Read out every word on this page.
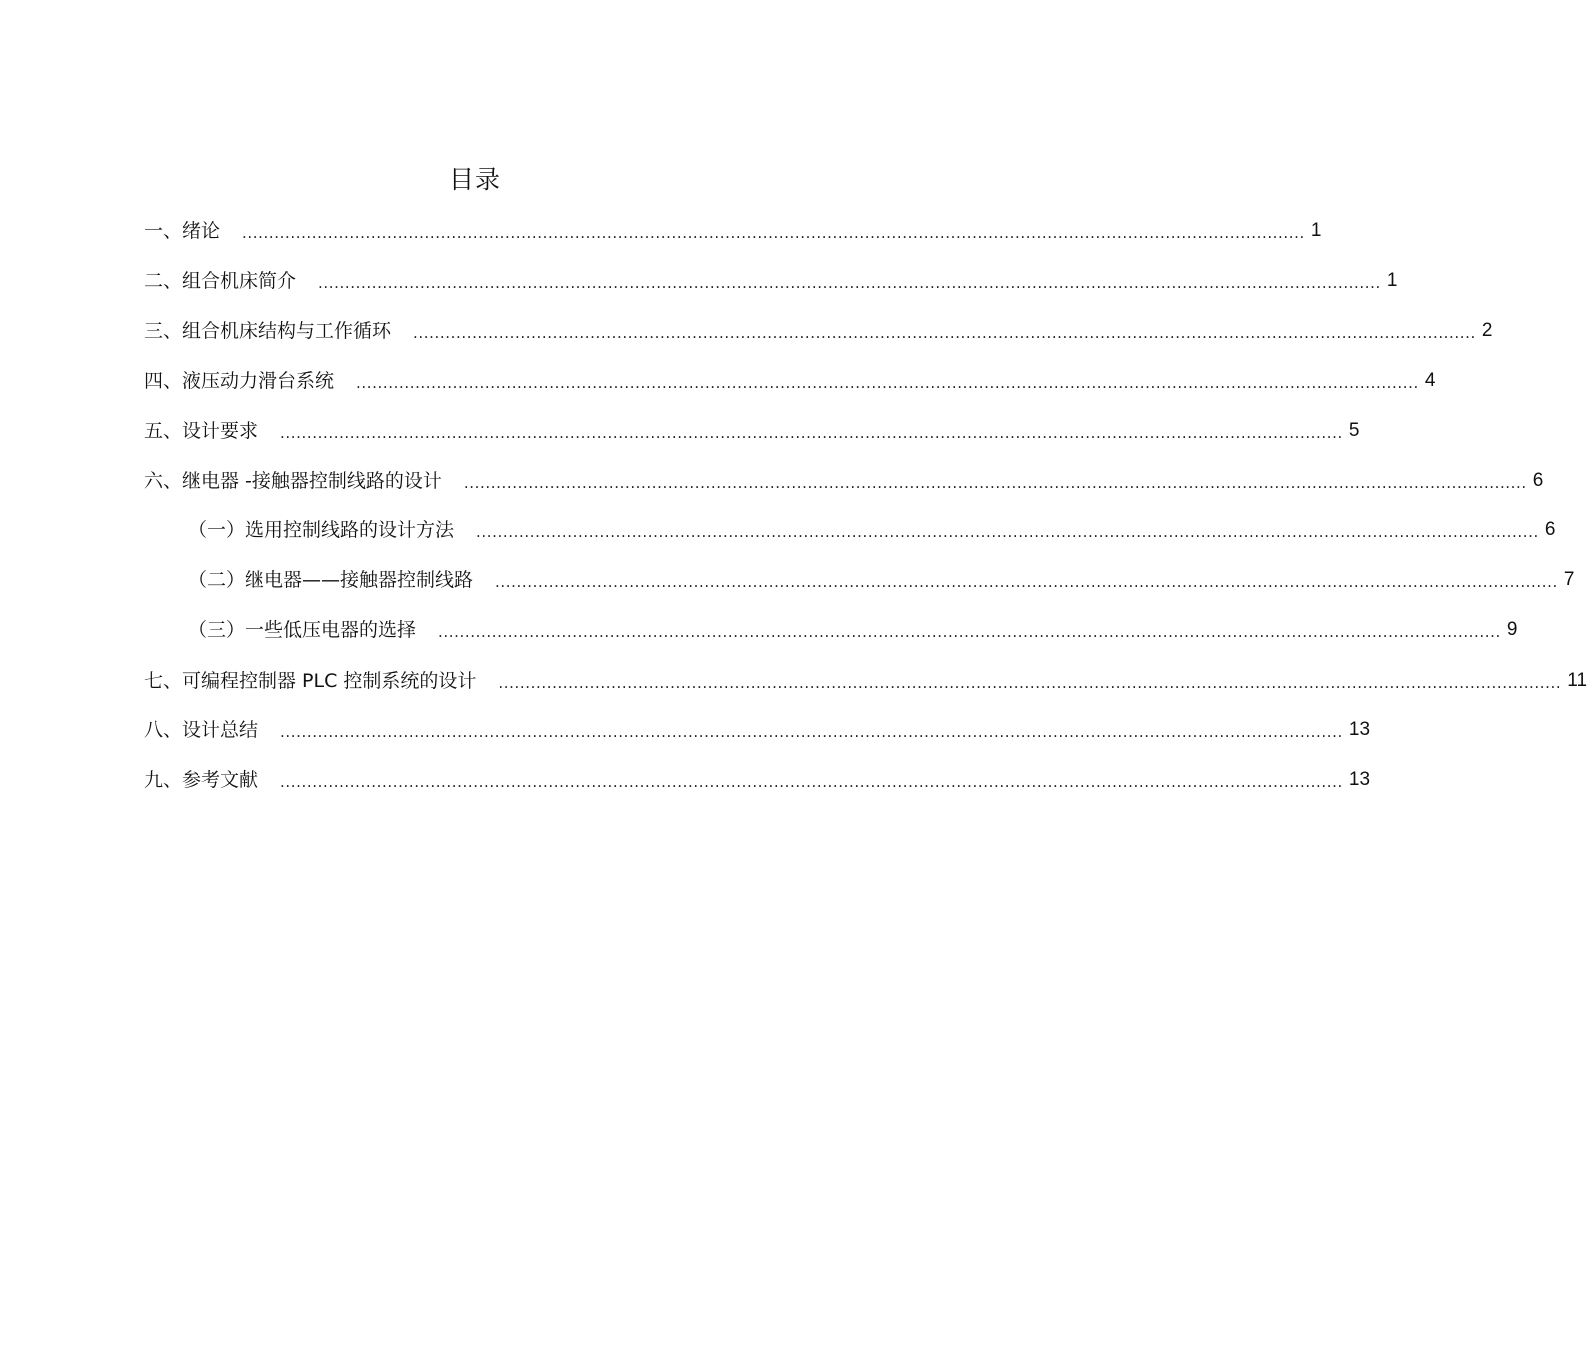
目录
一、绪论 ...................................................................................................................................................................................................... 1
二、组合机床简介 ...................................................................................................................................................................................................... 1
三、组合机床结构与工作循环 ...................................................................................................................................................................................................... 2
四、液压动力滑台系统 ...................................................................................................................................................................................................... 4
五、设计要求 ...................................................................................................................................................................................................... 5
六、继电器 -接触器控制线路的设计 ...................................................................................................................................................................................................... 6
（一）选用控制线路的设计方法 ...................................................................................................................................................................................................... 6
（二）继电器——接触器控制线路 ...................................................................................................................................................................................................... 7
（三）一些低压电器的选择 ...................................................................................................................................................................................................... 9
七、可编程控制器 PLC 控制系统的设计 ...................................................................................................................................................................................................... 11
八、设计总结 ...................................................................................................................................................................................................... 13
九、参考文献 ...................................................................................................................................................................................................... 13
